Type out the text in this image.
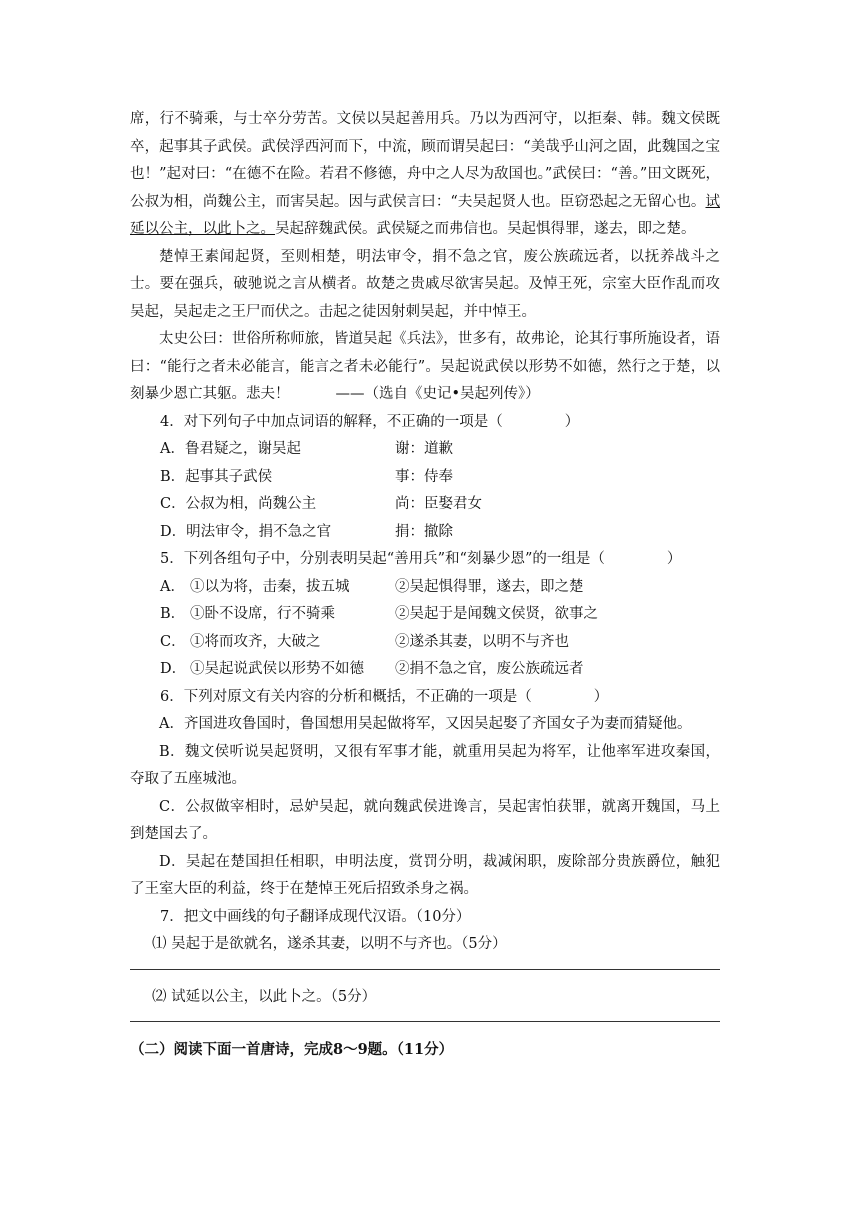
席，行不骑乘，与士卒分劳苦。文侯以吴起善用兵。乃以为西河守，以拒秦、韩。魏文侯既卒，起事其子武侯。武侯浮西河而下，中流，顾而谓吴起曰：“美哉乎山河之固，此魏国之宝也！”起对曰：“在德不在险。若君不修德，舟中之人尽为敌国也。”武侯曰：“善。”田文既死，公叔为相，尚魏公主，而害吴起。因与武侯言曰：“夫吴起贤人也。臣窃恐起之无留心也。试延以公主，以此卜之。吴起辞魏武侯。武侯疑之而弗信也。吴起惧得罪，遂去，即之楚。

楚悼王素闻起贤，至则相楚，明法审令，捐不急之官，废公族疏远者，以抚养战斗之士。要在强兵，破驰说之言从横者。故楚之贵戚尽欲害吴起。及悼王死，宗室大臣作乱而攻吴起，吴起走之王尸而伏之。击起之徒因射刺吴起，并中悼王。

太史公曰：世俗所称师旅，皆道吴起《兵法》，世多有，故弗论，论其行事所施设者，语曰：“能行之者未必能言，能言之者未必能行”。吴起说武侯以形势不如德，然行之于楚，以刻暴少恩亡其躯。悲夫！	——（选自《史记•吴起列传》）

4．对下列句子中加点词语的解释，不正确的一项是（	）

A．鲁君疑之，谢吴起	谢：道歉

B．起事其子武侯	事：侍奉

C．公叔为相，尚魏公主	尚：臣娶君女

D．明法审令，捐不急之官	捐：撤除

5．下列各组句子中，分别表明吴起“善用兵”和“刻暴少恩”的一组是（	）

A． ①以为将，击秦，拔五城	②吴起惧得罪，遂去，即之楚

B． ①卧不设席，行不骑乘	②吴起于是闻魏文侯贤，欲事之

C． ①将而攻齐，大破之	②遂杀其妻，以明不与齐也

D． ①吴起说武侯以形势不如德	②捐不急之官，废公族疏远者

6．下列对原文有关内容的分析和概括，不正确的一项是（	）

A．齐国进攻鲁国时，鲁国想用吴起做将军，又因吴起娶了齐国女子为妻而猜疑他。

B．魏文侯听说吴起贤明，又很有军事才能，就重用吴起为将军，让他率军进攻秦国，夺取了五座城池。

C．公叔做宰相时，忌妒吴起，就向魏武侯进谗言，吴起害怕获罪，就离开魏国，马上到楚国去了。

D．吴起在楚国担任相职，申明法度，赏罚分明，裁减闲职，废除部分贵族爵位，触犯了王室大臣的利益，终于在楚悼王死后招致杀身之祸。

7．把文中画线的句子翻译成现代汉语。（10分）

⑴ 吴起于是欲就名，遂杀其妻，以明不与齐也。（5分）

⑵ 试延以公主，以此卜之。（5分）

（二）阅读下面一首唐诗，完成8～9题。（11分）
